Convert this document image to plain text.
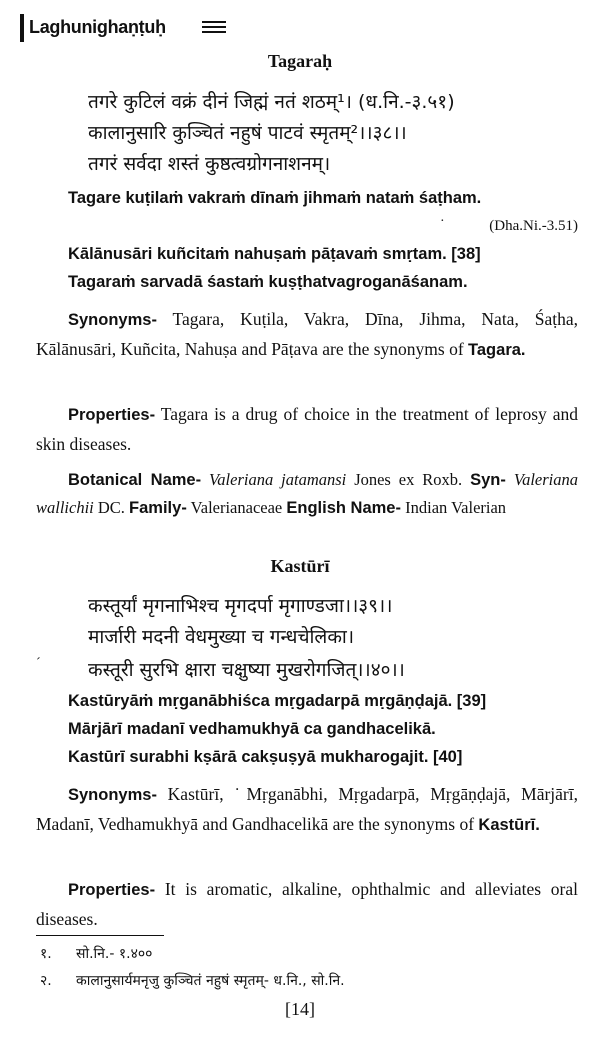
Laghunighaṇṭuḥ
Tagaraḥ
तगरे कुटिलं वक्रं दीनं जिह्मं नतं शठम्¹। (ध.नि.-३.५१)
कालानुसारि कुञ्चितं नहुषं पाटवं स्मृतम्²।।३८।।
तगरं सर्वदा शस्तं कुष्ठत्वग्रोगनाशनम्।
Tagare kuṭilaṁ vakraṁ dīnaṁ jihmaṁ nataṁ śaṭham.
·	(Dha.Ni.-3.51)
Kālānusāri kuñcitaṁ nahuṣaṁ pāṭavaṁ smṛtam. [38]
Tagaraṁ sarvadā śastaṁ kuṣṭhatvagroganāśanam.
Synonyms- Tagara, Kuṭila, Vakra, Dīna, Jihma, Nata, Śaṭha, Kālānusāri, Kuñcita, Nahuṣa and Pāṭava are the synonyms of Tagara.
Properties- Tagara is a drug of choice in the treatment of leprosy and skin diseases.
Botanical Name- Valeriana jatamansi Jones ex Roxb. Syn- Valeriana wallichii DC. Family- Valerianaceae English Name- Indian Valerian
Kastūrī
कस्तूर्यां मृगनाभिश्च मृगदर्पा मृगाण्डजा।।३९।।
मार्जारी मदनी वेधमुख्या च गन्धचेलिका।
ˊ कस्तूरी सुरभि क्षारा चक्षुष्या मुखरोगजित्।।४०।।
Kastūryāṁ mṛganābhiśca mṛgadarpā mṛgāṇḍajā. [39]
Mārjārī madanī vedhamukhyā ca gandhacelikā.
Kastūrī surabhi kṣārā cakṣuṣyā mukharogajit. [40]
Synonyms- Kastūrī, ˙Mṛganābhi, Mṛgadarpā, Mṛgāṇḍajā, Mārjārī, Madanī, Vedhamukhyā and Gandhacelikā are the synonyms of Kastūrī.
Properties- It is aromatic, alkaline, ophthalmic and alleviates oral diseases.
१. सो.नि.- १.४००
२. कालानुसार्यमनृजु कुञ्चितं नहुषं स्मृतम्- ध.नि., सो.नि.
[14]
